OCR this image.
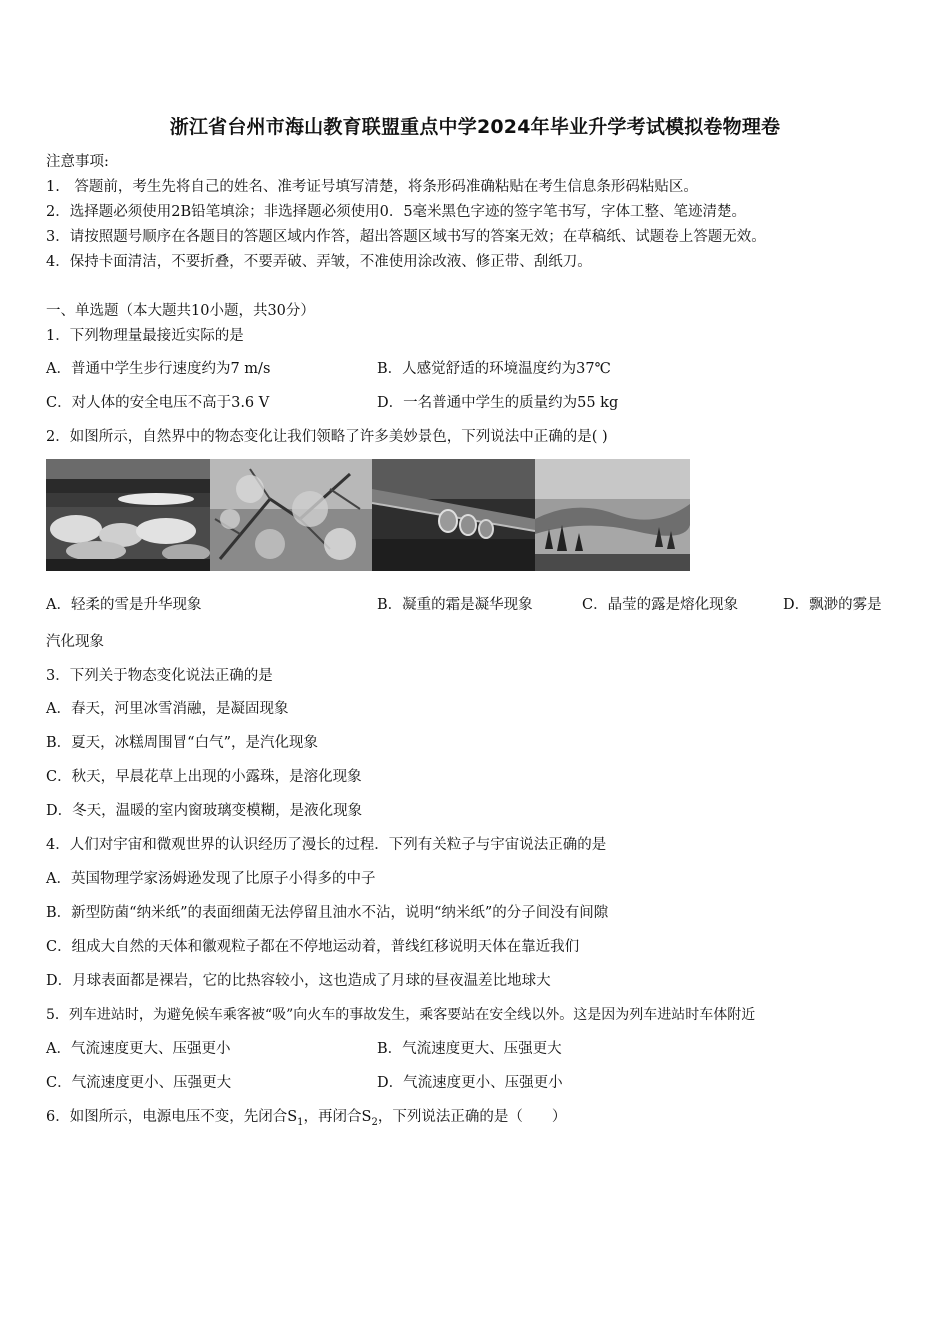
浙江省台州市海山教育联盟重点中学2024年毕业升学考试模拟卷物理卷
注意事项:
1.　答题前，考生先将自己的姓名、准考证号填写清楚，将条形码准确粘贴在考生信息条形码粘贴区。
2．选择题必须使用2B铅笔填涂；非选择题必须使用0．5毫米黑色字迹的签字笔书写，字体工整、笔迹清楚。
3．请按照题号顺序在各题目的答题区域内作答，超出答题区域书写的答案无效；在草稿纸、试题卷上答题无效。
4．保持卡面清洁，不要折叠，不要弄破、弄皱，不准使用涂改液、修正带、刮纸刀。
一、单选题（本大题共10小题，共30分）
1．下列物理量最接近实际的是
A．普通中学生步行速度约为7 m/s	B．人感觉舒适的环境温度约为37℃
C．对人体的安全电压不高于3.6 V	D．一名普通中学生的质量约为55 kg
2．如图所示，自然界中的物态变化让我们领略了许多美妙景色，下列说法中正确的是( )
A．轻柔的雪是升华现象	B．凝重的霜是凝华现象	C．晶莹的露是熔化现象	D．飘渺的雾是
汽化现象
3．下列关于物态变化说法正确的是
A．春天，河里冰雪消融，是凝固现象
B．夏天，冰糕周围冒“白气”，是汽化现象
C．秋天，早晨花草上出现的小露珠，是溶化现象
D．冬天，温暖的室内窗玻璃变模糊，是液化现象
4．人们对宇宙和微观世界的认识经历了漫长的过程．下列有关粒子与宇宙说法正确的是
A．英国物理学家汤姆逊发现了比原子小得多的中子
B．新型防菌“纳米纸”的表面细菌无法停留且油水不沾，说明“纳米纸”的分子间没有间隙
C．组成大自然的天体和徽观粒子都在不停地运动着，普线红移说明天体在靠近我们
D．月球表面都是裸岩，它的比热容较小，这也造成了月球的昼夜温差比地球大
5．列车进站时，为避免候车乘客被“吸”向火车的事故发生，乘客要站在安全线以外。这是因为列车进站时车体附近
A．气流速度更大、压强更小	B．气流速度更大、压强更大
C．气流速度更小、压强更大	D．气流速度更小、压强更小
6．如图所示，电源电压不变，先闭合$S_1$，再闭合$S_2$，下列说法正确的是（　　）
